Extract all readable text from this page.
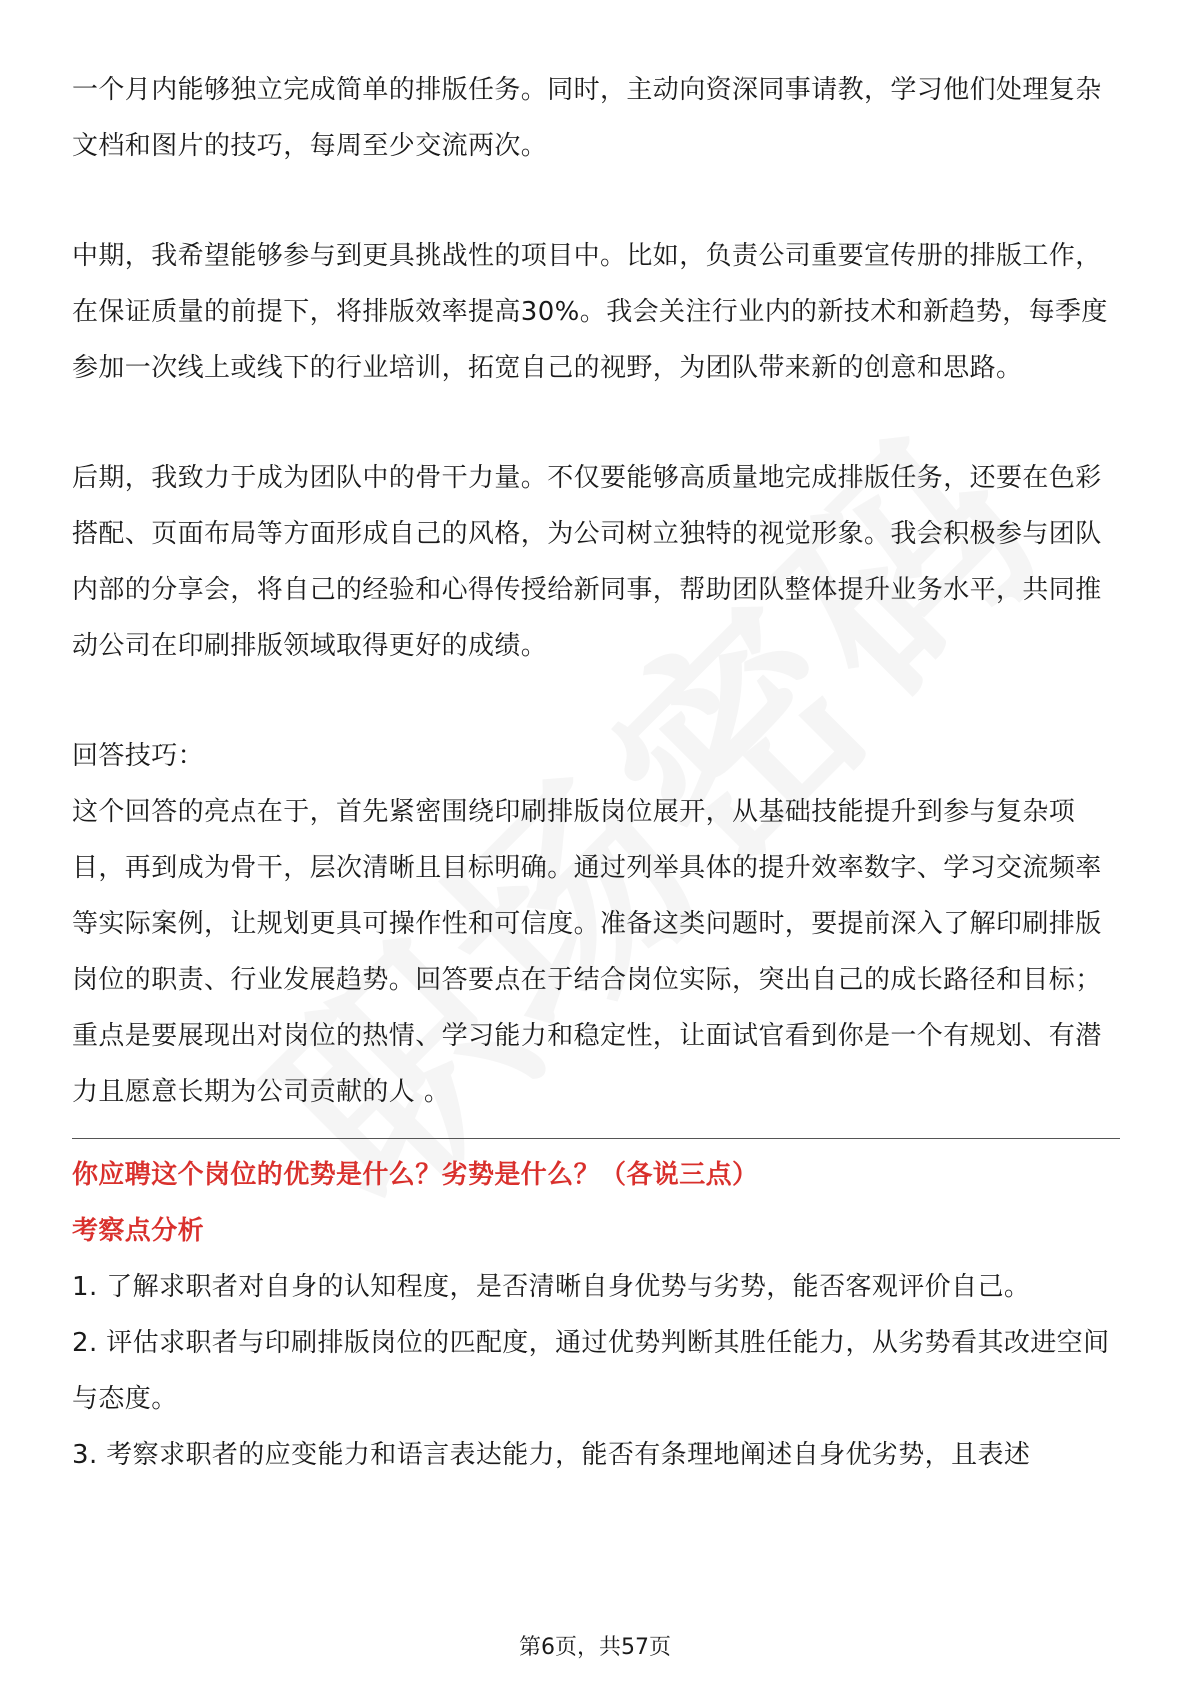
一个月内能够独立完成简单的排版任务。同时，主动向资深同事请教，学习他们处理复杂文档和图片的技巧，每周至少交流两次。

中期，我希望能够参与到更具挑战性的项目中。比如，负责公司重要宣传册的排版工作，在保证质量的前提下，将排版效率提高30%。我会关注行业内的新技术和新趋势，每季度参加一次线上或线下的行业培训，拓宽自己的视野，为团队带来新的创意和思路。

后期，我致力于成为团队中的骨干力量。不仅要能够高质量地完成排版任务，还要在色彩搭配、页面布局等方面形成自己的风格，为公司树立独特的视觉形象。我会积极参与团队内部的分享会，将自己的经验和心得传授给新同事，帮助团队整体提升业务水平，共同推动公司在印刷排版领域取得更好的成绩。

回答技巧：

这个回答的亮点在于，首先紧密围绕印刷排版岗位展开，从基础技能提升到参与复杂项目，再到成为骨干，层次清晰且目标明确。通过列举具体的提升效率数字、学习交流频率等实际案例，让规划更具可操作性和可信度。准备这类问题时，要提前深入了解印刷排版岗位的职责、行业发展趋势。回答要点在于结合岗位实际，突出自己的成长路径和目标；重点是要展现出对岗位的热情、学习能力和稳定性，让面试官看到你是一个有规划、有潜力且愿意长期为公司贡献的人 。

你应聘这个岗位的优势是什么？劣势是什么？（各说三点）

考察点分析

1. 了解求职者对自身的认知程度，是否清晰自身优势与劣势，能否客观评价自己。

2. 评估求职者与印刷排版岗位的匹配度，通过优势判断其胜任能力，从劣势看其改进空间与态度。

3. 考察求职者的应变能力和语言表达能力，能否有条理地阐述自身优劣势，且表述

第6页，共57页
